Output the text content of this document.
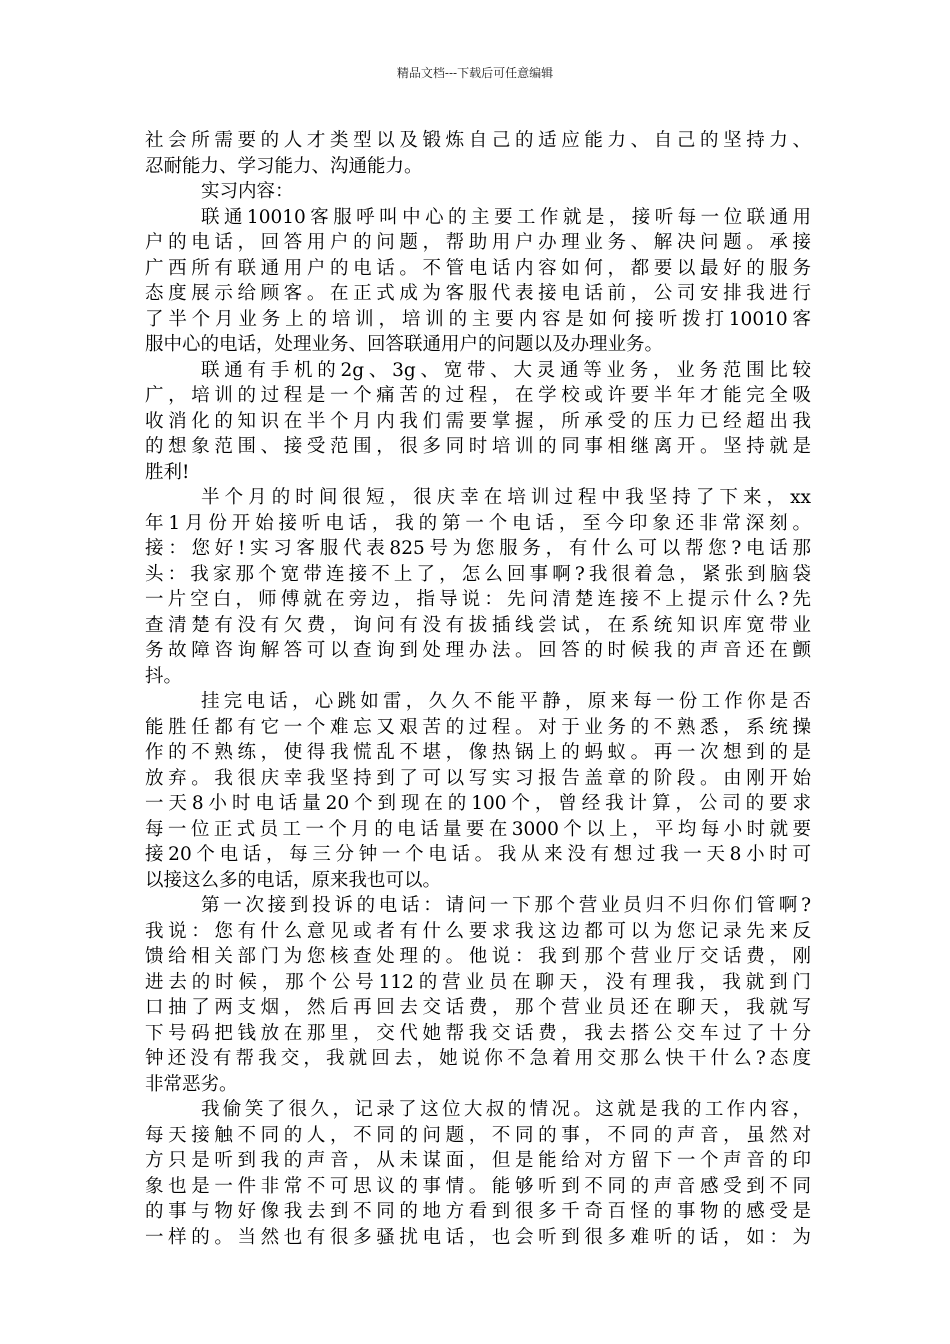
精品文档---下载后可任意编辑
社会所需要的人才类型以及锻炼自己的适应能力、自己的坚持力、
忍耐能力、学习能力、沟通能力。
实习内容：
联通10010客服呼叫中心的主要工作就是，接听每一位联通用
户的电话，回答用户的问题，帮助用户办理业务、解决问题。承接
广西所有联通用户的电话。不管电话内容如何，都要以最好的服务
态度展示给顾客。在正式成为客服代表接电话前，公司安排我进行
了半个月业务上的培训，培训的主要内容是如何接听拨打10010客
服中心的电话，处理业务、回答联通用户的问题以及办理业务。
联通有手机的2g、3g、宽带、大灵通等业务，业务范围比较
广，培训的过程是一个痛苦的过程，在学校或许要半年才能完全吸
收消化的知识在半个月内我们需要掌握，所承受的压力已经超出我
的想象范围、接受范围，很多同时培训的同事相继离开。坚持就是
胜利!
半个月的时间很短，很庆幸在培训过程中我坚持了下来，xx
年1月份开始接听电话，我的第一个电话，至今印象还非常深刻。
接：您好!实习客服代表825号为您服务，有什么可以帮您?电话那
头：我家那个宽带连接不上了，怎么回事啊?我很着急，紧张到脑袋
一片空白，师傅就在旁边，指导说：先问清楚连接不上提示什么?先
查清楚有没有欠费，询问有没有拔插线尝试，在系统知识库宽带业
务故障咨询解答可以查询到处理办法。回答的时候我的声音还在颤
抖。
挂完电话，心跳如雷，久久不能平静，原来每一份工作你是否
能胜任都有它一个难忘又艰苦的过程。对于业务的不熟悉，系统操
作的不熟练，使得我慌乱不堪，像热锅上的蚂蚁。再一次想到的是
放弃。我很庆幸我坚持到了可以写实习报告盖章的阶段。由刚开始
一天8小时电话量20个到现在的100个，曾经我计算，公司的要求
每一位正式员工一个月的电话量要在3000个以上，平均每小时就要
接20个电话，每三分钟一个电话。我从来没有想过我一天8小时可
以接这么多的电话，原来我也可以。
第一次接到投诉的电话：请问一下那个营业员归不归你们管啊?
我说：您有什么意见或者有什么要求我这边都可以为您记录先来反
馈给相关部门为您核查处理的。他说：我到那个营业厅交话费，刚
进去的时候，那个公号112的营业员在聊天，没有理我，我就到门
口抽了两支烟，然后再回去交话费，那个营业员还在聊天，我就写
下号码把钱放在那里，交代她帮我交话费，我去搭公交车过了十分
钟还没有帮我交，我就回去，她说你不急着用交那么快干什么?态度
非常恶劣。
我偷笑了很久，记录了这位大叔的情况。这就是我的工作内容，
每天接触不同的人，不同的问题，不同的事，不同的声音，虽然对
方只是听到我的声音，从未谋面，但是能给对方留下一个声音的印
象也是一件非常不可思议的事情。能够听到不同的声音感受到不同
的事与物好像我去到不同的地方看到很多千奇百怪的事物的感受是
一样的。当然也有很多骚扰电话，也会听到很多难听的话，如：为
